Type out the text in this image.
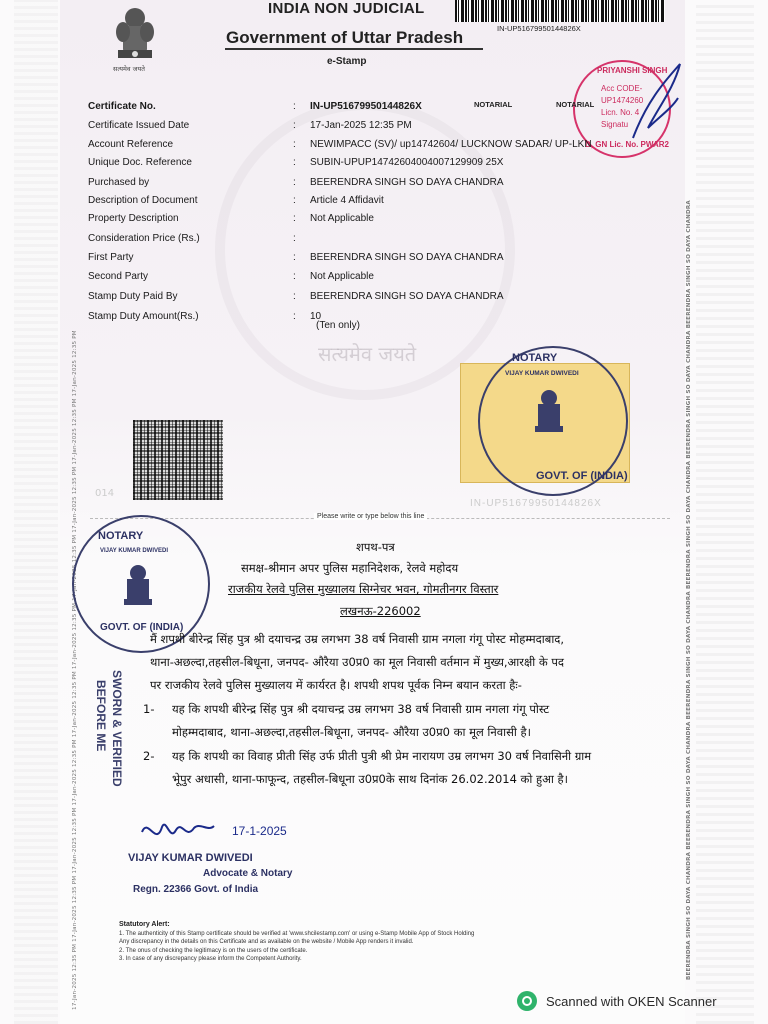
17-Jan-2025 12:35 PM 17-Jan-2025 12:35 PM 17-Jan-2025 12:35 PM 17-Jan-2025 12:35 PM 17-Jan-2025 12:35 PM 17-Jan-2025 12:35 PM 17-Jan-2025 12:35 PM 17-Jan-2025 12:35 PM 17-Jan-2025 12:35 PM 17-Jan-2025 12:35 PM	BEERENDRA SINGH SO DAYA CHANDRA BEERENDRA SINGH SO DAYA CHANDRA BEERENDRA SINGH SO DAYA CHANDRA BEERENDRA SINGH SO DAYA CHANDRA BEERENDRA SINGH SO DAYA CHANDRA BEERENDRA SINGH SO DAYA CHANDRA
सत्यमेव जयते
सत्यमेव जयते
INDIA NON JUDICIAL
Government of Uttar Pradesh
e-Stamp
IN-UP51679950144826X
PRIYANSHI SINGH
Acc CODE-
UP1474260
Licn. No. 4
Signatu
D, GN Lic. No. PWAR2
Certificate No.	: IN-UP51679950144826X
Certificate Issued Date	: 17-Jan-2025 12:35 PM
Account Reference	: NEWIMPACC (SV)/ up14742604/ LUCKNOW SADAR/ UP-LKN
Unique Doc. Reference	: SUBIN-UPUP14742604004007129909 25X
Purchased by	: BEERENDRA SINGH SO DAYA CHANDRA
Description of Document	: Article 4 Affidavit
Property Description	: Not Applicable
Consideration Price (Rs.)	:
First Party	: BEERENDRA SINGH SO DAYA CHANDRA
Second Party	: Not Applicable
Stamp Duty Paid By	: BEERENDRA SINGH SO DAYA CHANDRA
Stamp Duty Amount(Rs.)	: 10
(Ten only)
NOTARY
VIJAY KUMAR DWIVEDI
NOTARIAL	NOTARIAL
GOVT. OF (INDIA)
IN-UP51679950144826X
014
Please write or type below this line
NOTARY
VIJAY KUMAR DWIVEDI
GOVT. OF (INDIA)
शपथ-पत्र
समक्ष-श्रीमान अपर पुलिस महानिदेशक, रेलवे महोदय
राजकीय रेलवे पुलिस मुख्यालय सिग्नेचर भवन, गोमतीनगर विस्तार
लखनऊ-226002
मैं शपथी बीरेन्द्र सिंह पुत्र श्री दयाचन्द्र उम्र लगभग 38 वर्ष निवासी ग्राम नगला गंगू पोस्ट मोहम्मदाबाद,
थाना-अछल्दा,तहसील-बिधूना, जनपद- औरैया उ0प्र0 का मूल निवासी वर्तमान में मुख्य,आरक्षी के पद
पर राजकीय रेलवे पुलिस मुख्यालय में कार्यरत है। शपथी शपथ पूर्वक निम्न बयान करता हैः-
1- यह कि शपथी बीरेन्द्र सिंह पुत्र श्री दयाचन्द्र उम्र लगभग 38 वर्ष निवासी ग्राम नगला गंगू पोस्ट
मोहम्मदाबाद, थाना-अछल्दा,तहसील-बिधूना, जनपद- औरैया उ0प्र0 का मूल निवासी है।
2- यह कि शपथी का विवाह प्रीती सिंह उर्फ प्रीती पुत्री श्री प्रेम नारायण उम्र लगभग 30 वर्ष निवासिनी ग्राम
भूेपुर अधासी, थाना-फाफून्द, तहसील-बिधूना उ0प्र0के साथ दिनांक 26.02.2014 को हुआ है।
SWORN & VERIFIED
BEFORE ME
17-1-2025
VIJAY KUMAR DWIVEDI
Advocate & Notary
Regn. 22366 Govt. of India
Statutory Alert:
1. The authenticity of this Stamp certificate should be verified at 'www.shcilestamp.com' or using e-Stamp Mobile App of Stock Holding
Any discrepancy in the details on this Certificate and as available on the website / Mobile App renders it invalid.
2. The onus of checking the legitimacy is on the users of the certificate.
3. In case of any discrepancy please inform the Competent Authority.
Scanned with OKEN Scanner
